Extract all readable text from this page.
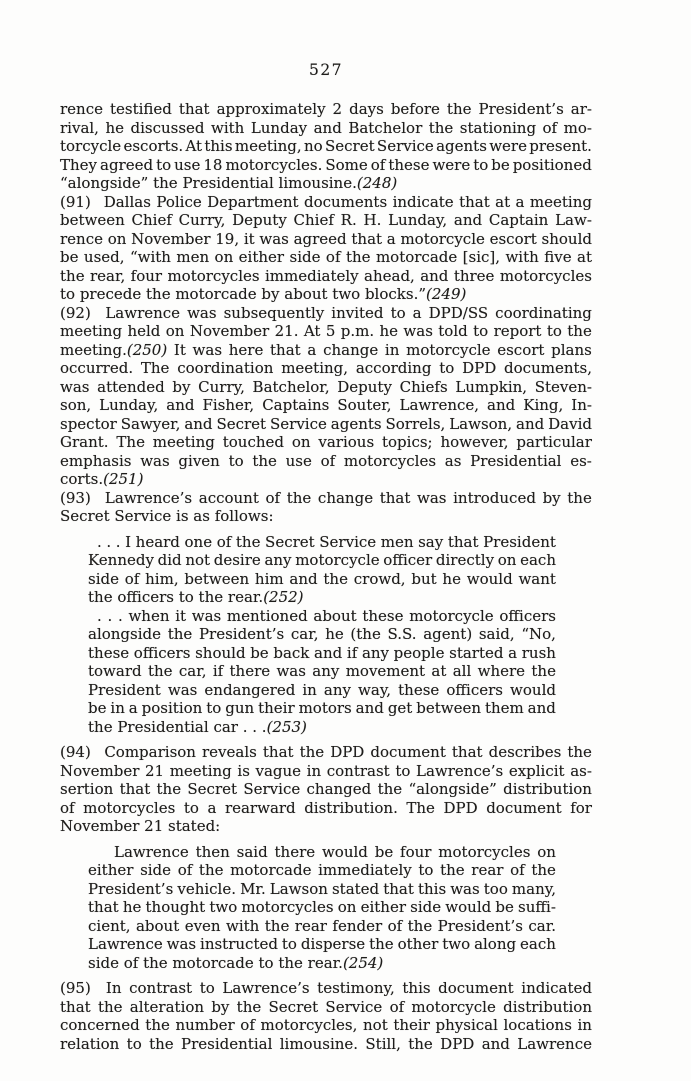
527
rence testified that approximately 2 days before the President’s ar-
rival, he discussed with Lunday and Batchelor the stationing of mo-
torcycle escorts. At this meeting, no Secret Service agents were present.
They agreed to use 18 motorcycles. Some of these were to be positioned
“alongside” the Presidential limousine.(248)
(91)  Dallas Police Department documents indicate that at a meeting
between Chief Curry, Deputy Chief R. H. Lunday, and Captain Law-
rence on November 19, it was agreed that a motorcycle escort should
be used, “with men on either side of the motorcade [sic], with five at
the rear, four motorcycles immediately ahead, and three motorcycles
to precede the motorcade by about two blocks.”(249)
(92)  Lawrence was subsequently invited to a DPD/SS coordinating
meeting held on November 21. At 5 p.m. he was told to report to the
meeting.(250) It was here that a change in motorcycle escort plans
occurred. The coordination meeting, according to DPD documents,
was attended by Curry, Batchelor, Deputy Chiefs Lumpkin, Steven-
son, Lunday, and Fisher, Captains Souter, Lawrence, and King, In-
spector Sawyer, and Secret Service agents Sorrels, Lawson, and David
Grant. The meeting touched on various topics; however, particular
emphasis was given to the use of motorcycles as Presidential es-
corts.(251)
(93)  Lawrence’s account of the change that was introduced by the
Secret Service is as follows:
. . . I heard one of the Secret Service men say that President
Kennedy did not desire any motorcycle officer directly on each
side of him, between him and the crowd, but he would want
the officers to the rear.(252)
. . . when it was mentioned about these motorcycle officers
alongside the President’s car, he (the S.S. agent) said, “No,
these officers should be back and if any people started a rush
toward the car, if there was any movement at all where the
President was endangered in any way, these officers would
be in a position to gun their motors and get between them and
the Presidential car . . .(253)
(94)  Comparison reveals that the DPD document that describes the
November 21 meeting is vague in contrast to Lawrence’s explicit as-
sertion that the Secret Service changed the “alongside” distribution
of motorcycles to a rearward distribution. The DPD document for
November 21 stated:
Lawrence then said there would be four motorcycles on
either side of the motorcade immediately to the rear of the
President’s vehicle. Mr. Lawson stated that this was too many,
that he thought two motorcycles on either side would be suffi-
cient, about even with the rear fender of the President’s car.
Lawrence was instructed to disperse the other two along each
side of the motorcade to the rear.(254)
(95)  In contrast to Lawrence’s testimony, this document indicated
that the alteration by the Secret Service of motorcycle distribution
concerned the number of motorcycles, not their physical locations in
relation to the Presidential limousine. Still, the DPD and Lawrence
